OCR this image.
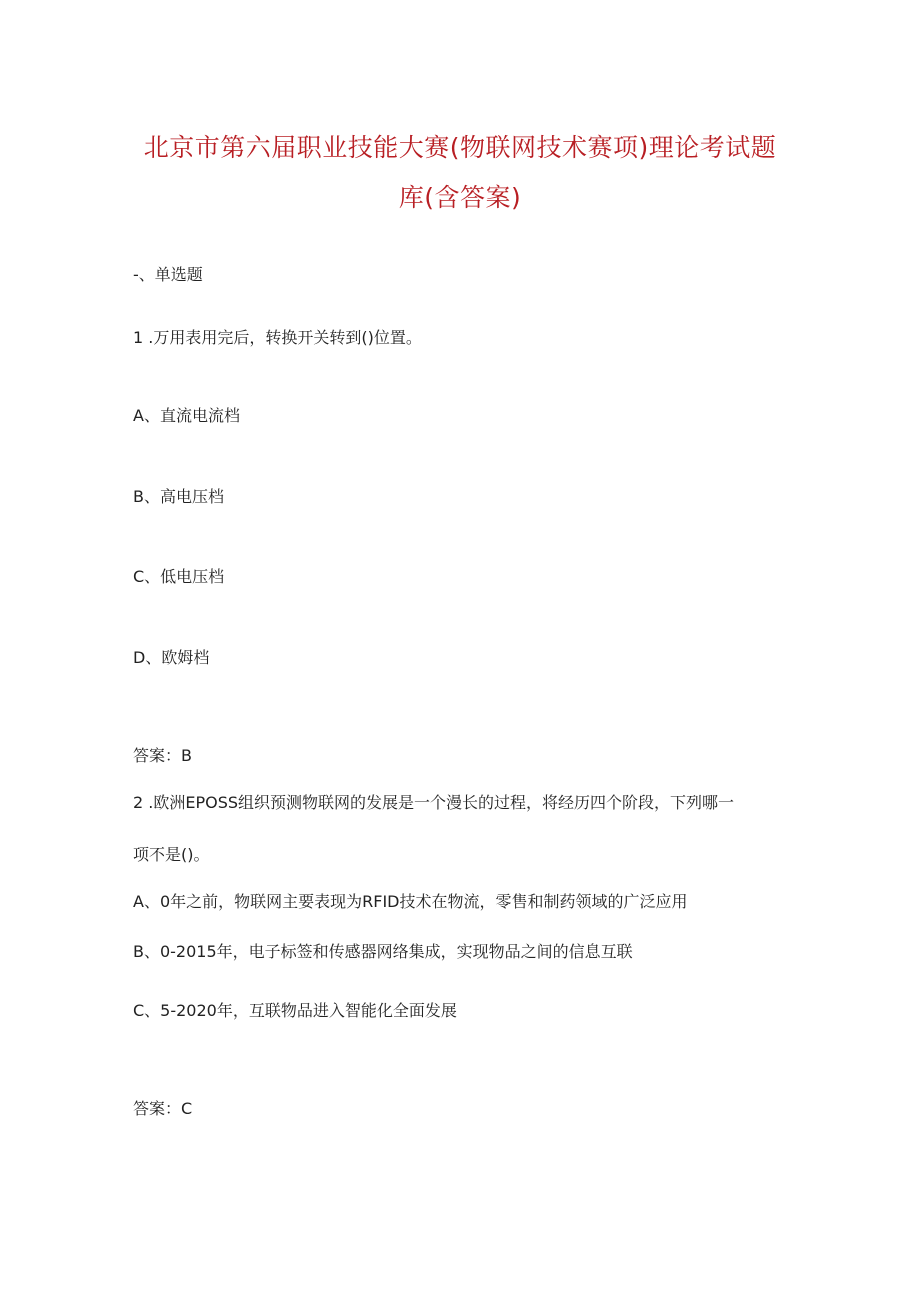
北京市第六届职业技能大赛(物联网技术赛项)理论考试题
库(含答案)

-、单选题

1 .万用表用完后，转换开关转到()位置。

A、直流电流档

B、高电压档

C、低电压档

D、欧姆档

答案：B

2 .欧洲EPOSS组织预测物联网的发展是一个漫长的过程，将经历四个阶段，下列哪一

项不是()。

A、0年之前，物联网主要表现为RFID技术在物流，零售和制药领域的广泛应用

B、0-2015年，电子标签和传感器网络集成，实现物品之间的信息互联

C、5-2020年，互联物品进入智能化全面发展

答案：C
